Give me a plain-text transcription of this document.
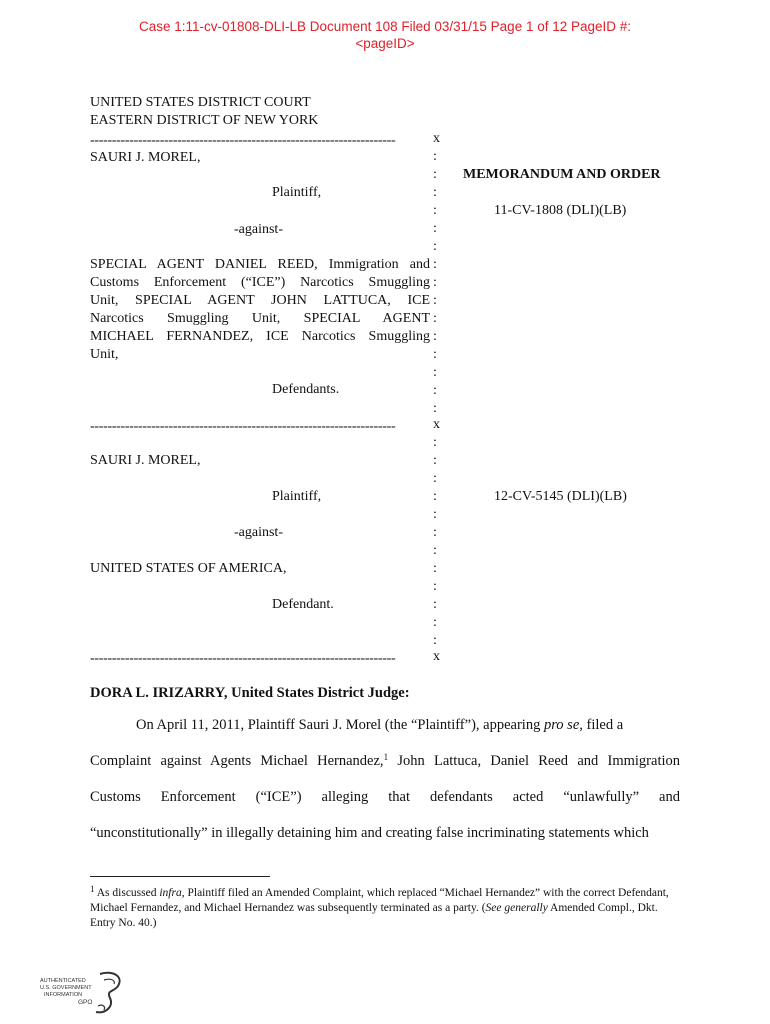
Case 1:11-cv-01808-DLI-LB Document 108 Filed 03/31/15 Page 1 of 12 PageID #:
<pageID>
UNITED STATES DISTRICT COURT
EASTERN DISTRICT OF NEW YORK
----------------------------------------------------------------------	x
SAURI J. MOREL,
Plaintiff,
-against-
SPECIAL AGENT DANIEL REED, Immigration and
Customs Enforcement (“ICE”) Narcotics Smuggling
Unit, SPECIAL AGENT JOHN LATTUCA, ICE
Narcotics Smuggling Unit, SPECIAL AGENT
MICHAEL FERNANDEZ, ICE Narcotics Smuggling
Unit,
Defendants.
MEMORANDUM AND ORDER
11-CV-1808 (DLI)(LB)
----------------------------------------------------------------------	x
SAURI J. MOREL,
Plaintiff,
-against-
UNITED STATES OF AMERICA,
Defendant.
12-CV-5145 (DLI)(LB)
----------------------------------------------------------------------	x
:
:
:
:
:
:
:
:
:
:
:
:
:
:
:
:
:
:
:
:
:
:
:
:
:
:
:
DORA L. IRIZARRY, United States District Judge:
On April 11, 2011, Plaintiff Sauri J. Morel (the “Plaintiff”), appearing pro se, filed a
Complaint against Agents Michael Hernandez,$^1$ John Lattuca, Daniel Reed and Immigration
Customs Enforcement (“ICE”) alleging that defendants acted “unlawfully” and
“unconstitutionally” in illegally detaining him and creating false incriminating statements which
$^1$ As discussed infra, Plaintiff filed an Amended Complaint, which replaced “Michael Hernandez” with the correct Defendant, Michael Fernandez, and Michael Hernandez was subsequently terminated as a party. (See generally Amended Compl., Dkt. Entry No. 40.)
AUTHENTICATED
U.S. GOVERNMENT
INFORMATION
GPO
